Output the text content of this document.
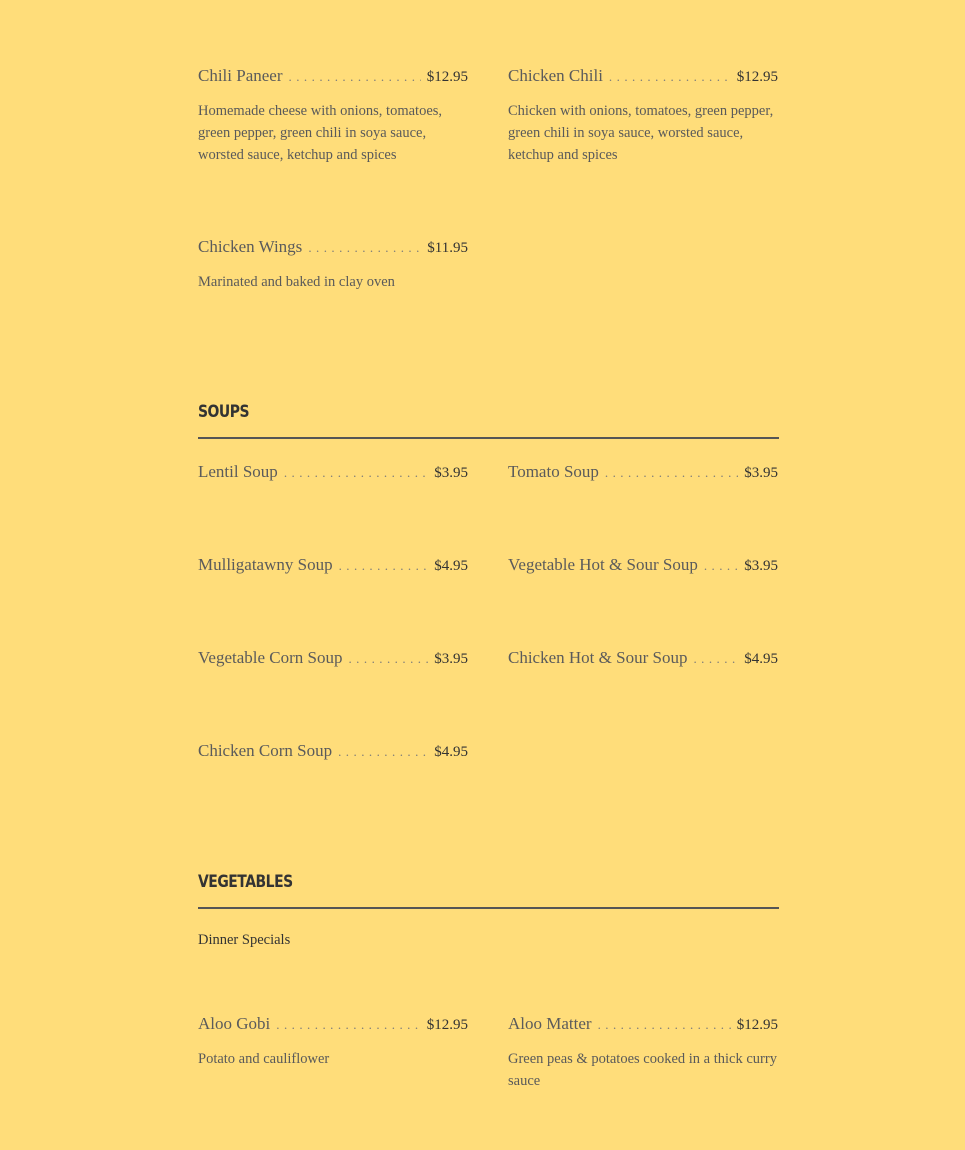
Chili Paneer . . .	$12.95
Homemade cheese with onions, tomatoes, green pepper, green chili in soya sauce, worsted sauce, ketchup and spices
Chicken Chili . . .	$12.95
Chicken with onions, tomatoes, green pepper, green chili in soya sauce, worsted sauce, ketchup and spices
Chicken Wings . . .	$11.95
Marinated and baked in clay oven
SOUPS
Lentil Soup . . .	$3.95 Tomato Soup . . .	$3.95
Mulligatawny Soup . . .	$4.95 Vegetable Hot & Sour Soup . . .	$3.95
Vegetable Corn Soup . . .	$3.95 Chicken Hot & Sour Soup . . .	$4.95
Chicken Corn Soup . . .	$4.95
VEGETABLES
Dinner Specials
Aloo Gobi . . .	$12.95
Potato and cauliflower
Aloo Matter . . .	$12.95
Green peas & potatoes cooked in a thick curry sauce
